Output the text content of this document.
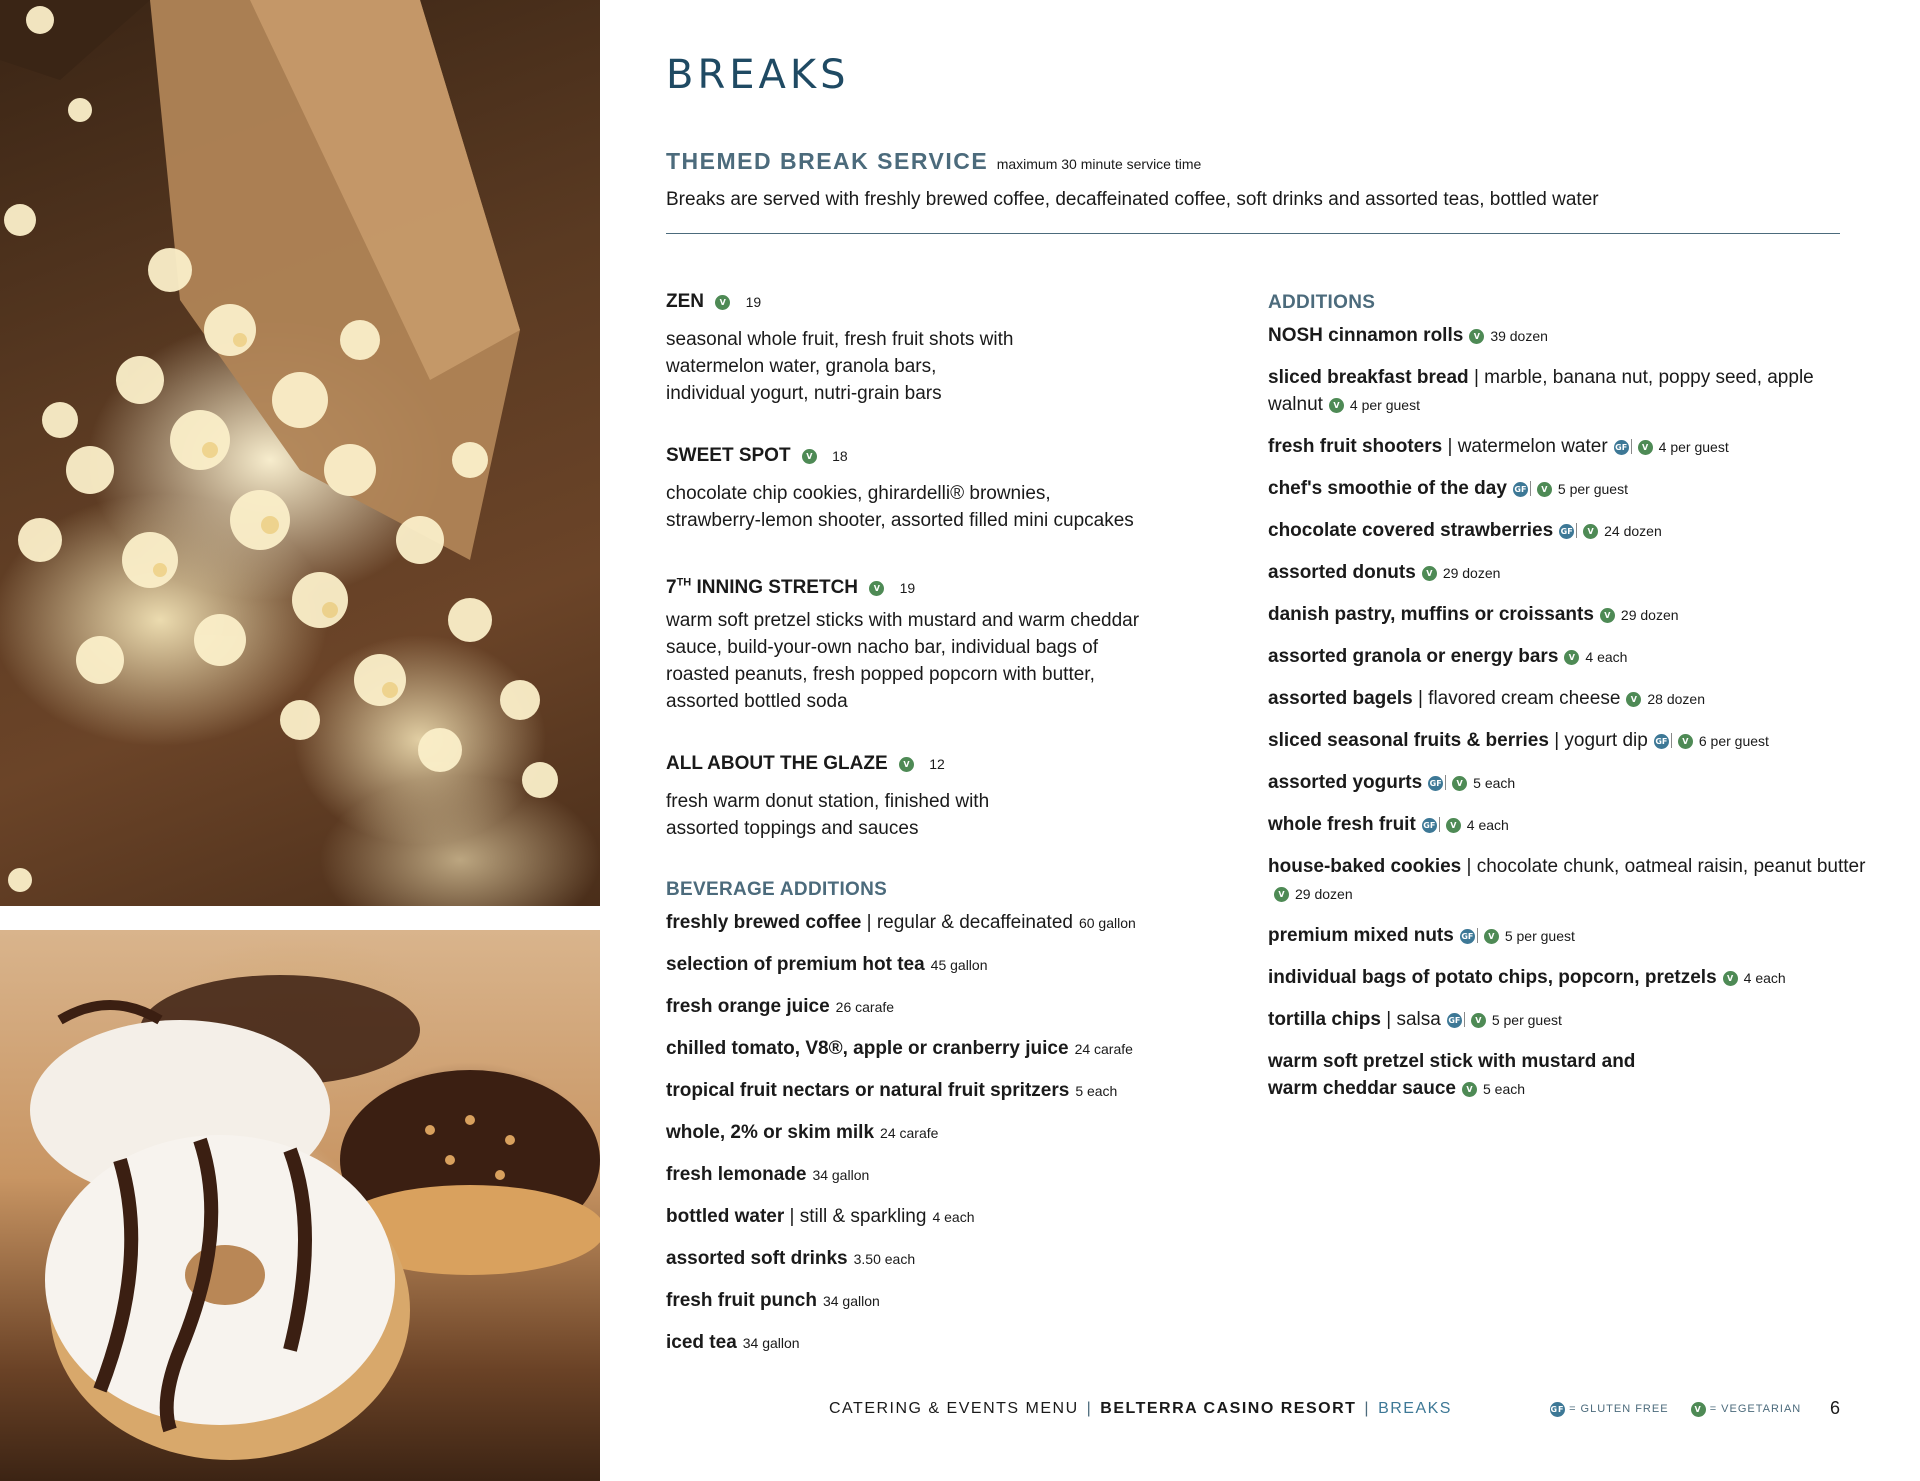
BREAKS
THEMED BREAK SERVICE maximum 30 minute service time
Breaks are served with freshly brewed coffee, decaffeinated coffee, soft drinks and assorted teas, bottled water
ZEN V 19
seasonal whole fruit, fresh fruit shots with
watermelon water, granola bars,
individual yogurt, nutri-grain bars
SWEET SPOT V 18
chocolate chip cookies, ghirardelli® brownies,
strawberry-lemon shooter, assorted filled mini cupcakes
7TH INNING STRETCH V 19
warm soft pretzel sticks with mustard and warm cheddar
sauce, build-your-own nacho bar, individual bags of
roasted peanuts, fresh popped popcorn with butter,
assorted bottled soda
ALL ABOUT THE GLAZE V 12
fresh warm donut station, finished with
assorted toppings and sauces
BEVERAGE ADDITIONS
freshly brewed coffee | regular & decaffeinated 60 gallon
selection of premium hot tea 45 gallon
fresh orange juice 26 carafe
chilled tomato, V8®, apple or cranberry juice 24 carafe
tropical fruit nectars or natural fruit spritzers 5 each
whole, 2% or skim milk 24 carafe
fresh lemonade 34 gallon
bottled water | still & sparkling 4 each
assorted soft drinks 3.50 each
fresh fruit punch 34 gallon
iced tea 34 gallon
ADDITIONS
NOSH cinnamon rolls V 39 dozen
sliced breakfast bread | marble, banana nut, poppy seed, apple walnut V 4 per guest
fresh fruit shooters | watermelon water GF V 4 per guest
chef's smoothie of the day GF V 5 per guest
chocolate covered strawberries GF V 24 dozen
assorted donuts V 29 dozen
danish pastry, muffins or croissants V 29 dozen
assorted granola or energy bars V 4 each
assorted bagels | flavored cream cheese V 28 dozen
sliced seasonal fruits & berries | yogurt dip GF V 6 per guest
assorted yogurts GF V 5 each
whole fresh fruit GF V 4 each
house-baked cookies | chocolate chunk, oatmeal raisin, peanut butterV 29 dozen
premium mixed nuts GF V 5 per guest
individual bags of potato chips, popcorn, pretzels V 4 each
tortilla chips | salsa GF V 5 per guest
warm soft pretzel stick with mustard and warm cheddar sauce V 5 each
CATERING & EVENTS MENU | BELTERRA CASINO RESORT | BREAKS	GF = GLUTEN FREE	V = VEGETARIAN 6
